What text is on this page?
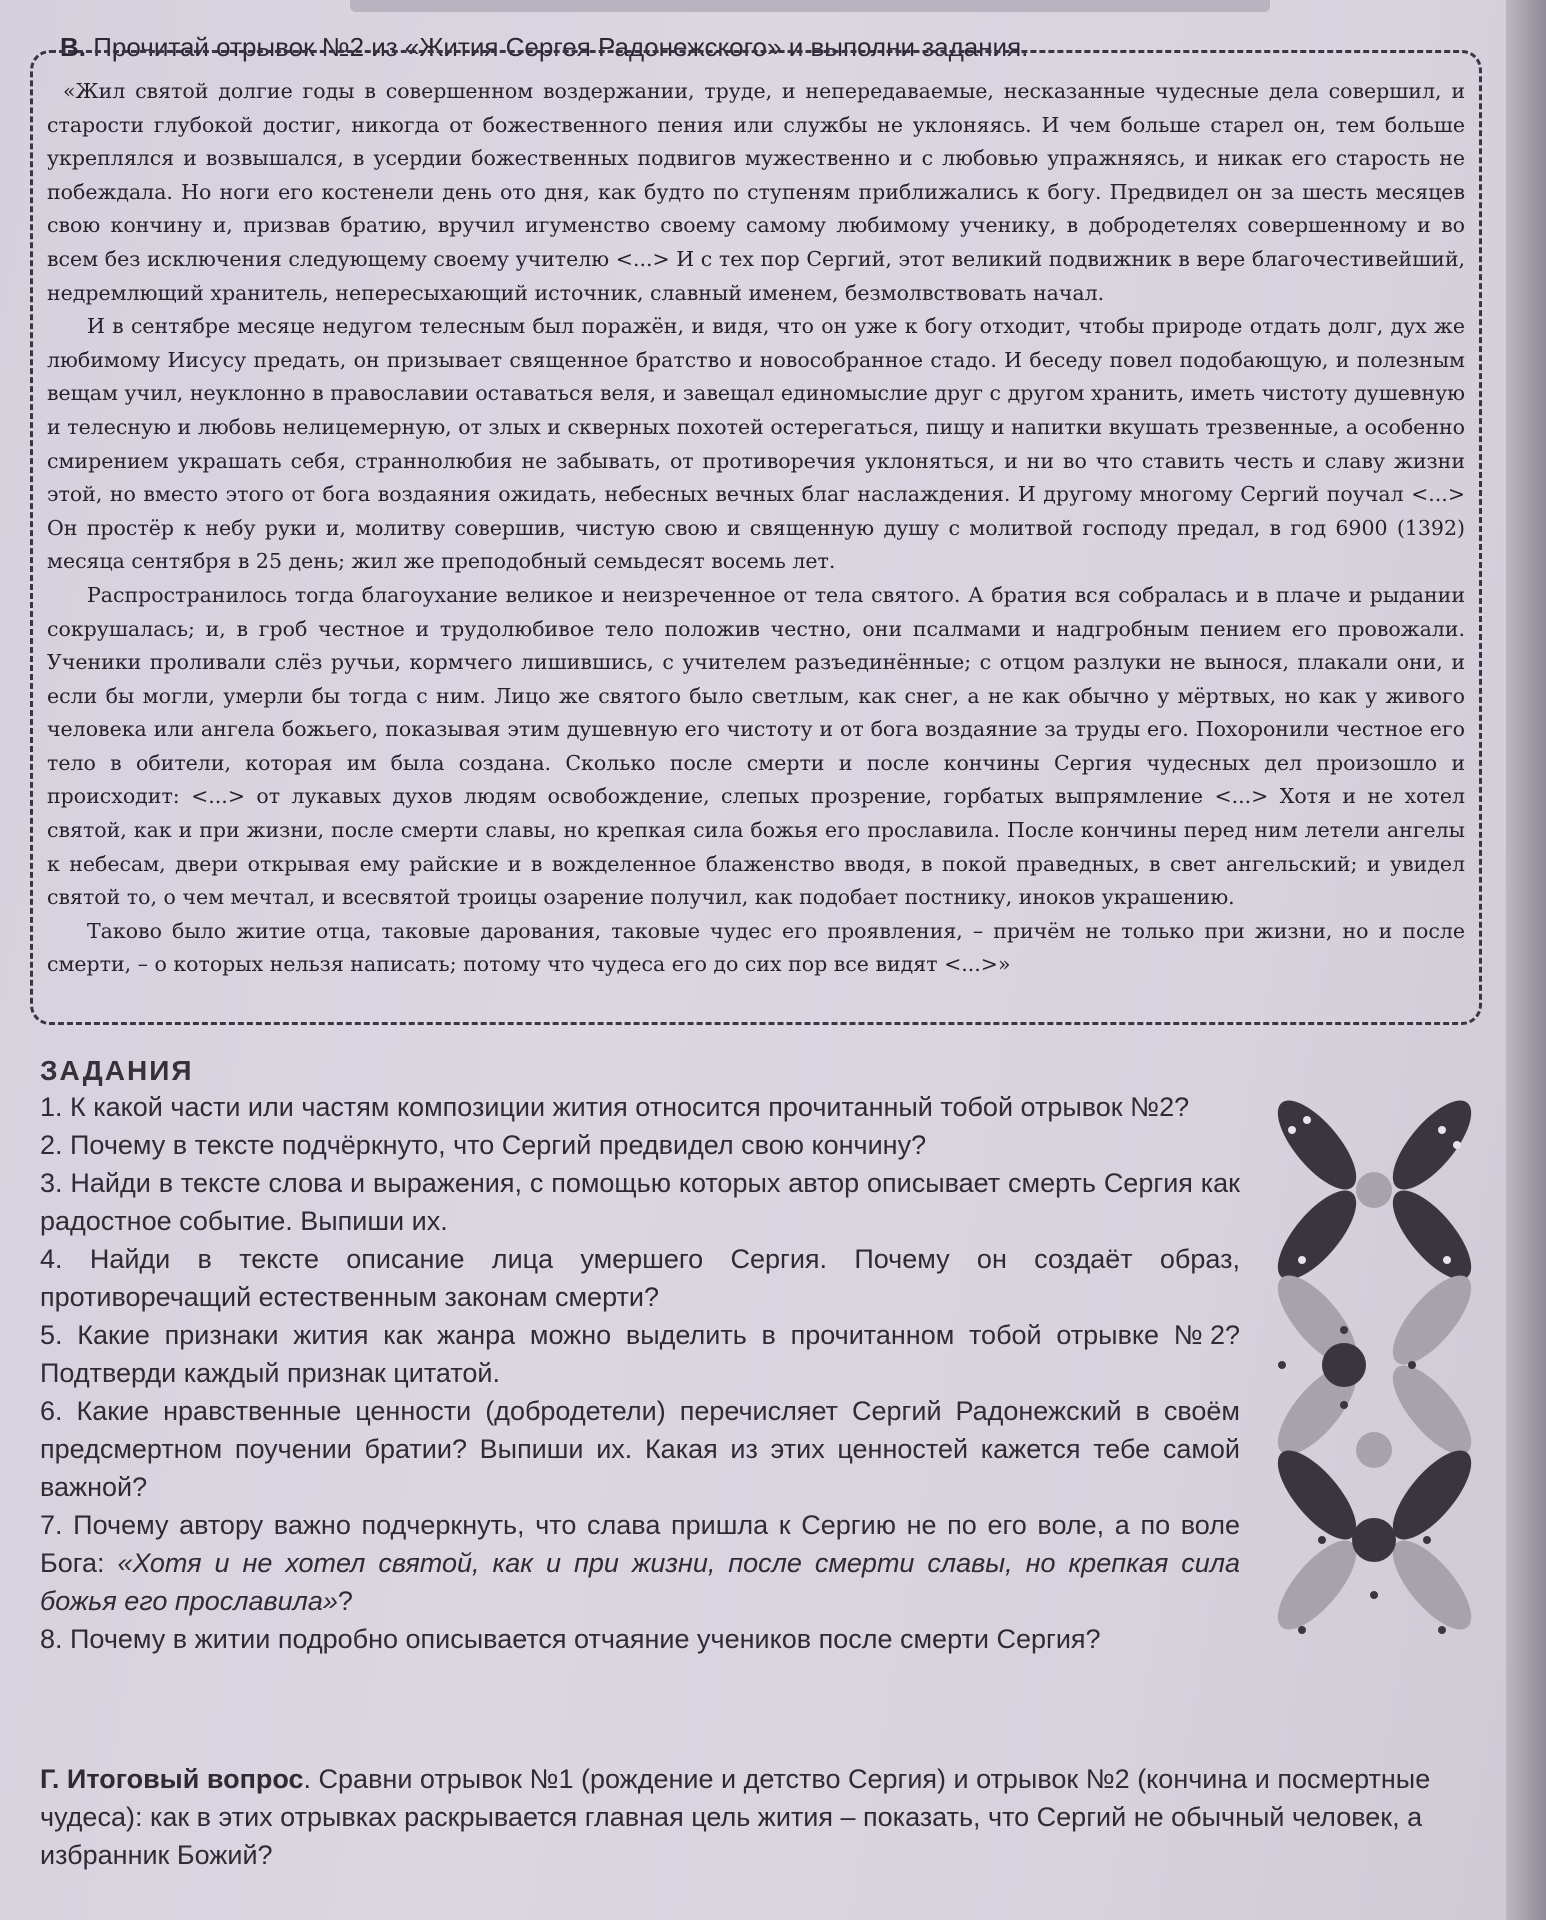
В. Прочитай отрывок №2 из «Жития Сергея Радонежского» и выполни задания.

«Жил святой долгие годы в совершенном воздержании, труде, и непередаваемые, несказанные чудесные дела совершил, и старости глубокой достиг, никогда от божественного пения или службы не уклоняясь. И чем больше старел он, тем больше укреплялся и возвышался, в усердии божественных подвигов мужественно и с любовью упражняясь, и никак его старость не побеждала. Но ноги его костенели день ото дня, как будто по ступеням приближались к богу. Предвидел он за шесть месяцев свою кончину и, призвав братию, вручил игуменство своему самому любимому ученику, в добродетелях совершенному и во всем без исключения следующему своему учителю <...> И с тех пор Сергий, этот великий подвижник в вере благочестивейший, недремлющий хранитель, непересыхающий источник, славный именем, безмолвствовать начал.

И в сентябре месяце недугом телесным был поражён, и видя, что он уже к богу отходит, чтобы природе отдать долг, дух же любимому Иисусу предать, он призывает священное братство и новособранное стадо. И беседу повел подобающую, и полезным вещам учил, неуклонно в православии оставаться веля, и завещал единомыслие друг с другом хранить, иметь чистоту душевную и телесную и любовь нелицемерную, от злых и скверных похотей остерегаться, пищу и напитки вкушать трезвенные, а особенно смирением украшать себя, страннолюбия не забывать, от противоречия уклоняться, и ни во что ставить честь и славу жизни этой, но вместо этого от бога воздаяния ожидать, небесных вечных благ наслаждения. И другому многому Сергий поучал <...> Он простёр к небу руки и, молитву совершив, чистую свою и священную душу с молитвой господу предал, в год 6900 (1392) месяца сентября в 25 день; жил же преподобный семьдесят восемь лет.

Распространилось тогда благоухание великое и неизреченное от тела святого. А братия вся собралась и в плаче и рыдании сокрушалась; и, в гроб честное и трудолюбивое тело положив честно, они псалмами и надгробным пением его провожали. Ученики проливали слёз ручьи, кормчего лишившись, с учителем разъединённые; с отцом разлуки не вынося, плакали они, и если бы могли, умерли бы тогда с ним. Лицо же святого было светлым, как снег, а не как обычно у мёртвых, но как у живого человека или ангела божьего, показывая этим душевную его чистоту и от бога воздаяние за труды его. Похоронили честное его тело в обители, которая им была создана. Сколько после смерти и после кончины Сергия чудесных дел произошло и происходит: <...> от лукавых духов людям освобождение, слепых прозрение, горбатых выпрямление <...> Хотя и не хотел святой, как и при жизни, после смерти славы, но крепкая сила божья его прославила. После кончины перед ним летели ангелы к небесам, двери открывая ему райские и в вожделенное блаженство вводя, в покой праведных, в свет ангельский; и увидел святой то, о чем мечтал, и всесвятой троицы озарение получил, как подобает постнику, иноков украшению.

Таково было житие отца, таковые дарования, таковые чудес его проявления, – причём не только при жизни, но и после смерти, – о которых нельзя написать; потому что чудеса его до сих пор все видят <...>»

ЗАДАНИЯ

1. К какой части или частям композиции жития относится прочитанный тобой отрывок №2?

2. Почему в тексте подчёркнуто, что Сергий предвидел свою кончину?

3. Найди в тексте слова и выражения, с помощью которых автор описывает смерть Сергия как радостное событие. Выпиши их.

4. Найди в тексте описание лица умершего Сергия. Почему он создаёт образ, противоречащий естественным законам смерти?

5. Какие признаки жития как жанра можно выделить в прочитанном тобой отрывке №2? Подтверди каждый признак цитатой.

6. Какие нравственные ценности (добродетели) перечисляет Сергий Радонежский в своём предсмертном поучении братии? Выпиши их. Какая из этих ценностей кажется тебе самой важной?

7. Почему автору важно подчеркнуть, что слава пришла к Сергию не по его воле, а по воле Бога: «Хотя и не хотел святой, как и при жизни, после смерти славы, но крепкая сила божья его прославила»?

8. Почему в житии подробно описывается отчаяние учеников после смерти Сергия?

Г. Итоговый вопрос. Сравни отрывок №1 (рождение и детство Сергия) и отрывок №2 (кончина и посмертные чудеса): как в этих отрывках раскрывается главная цель жития – показать, что Сергий не обычный человек, а избранник Божий?
